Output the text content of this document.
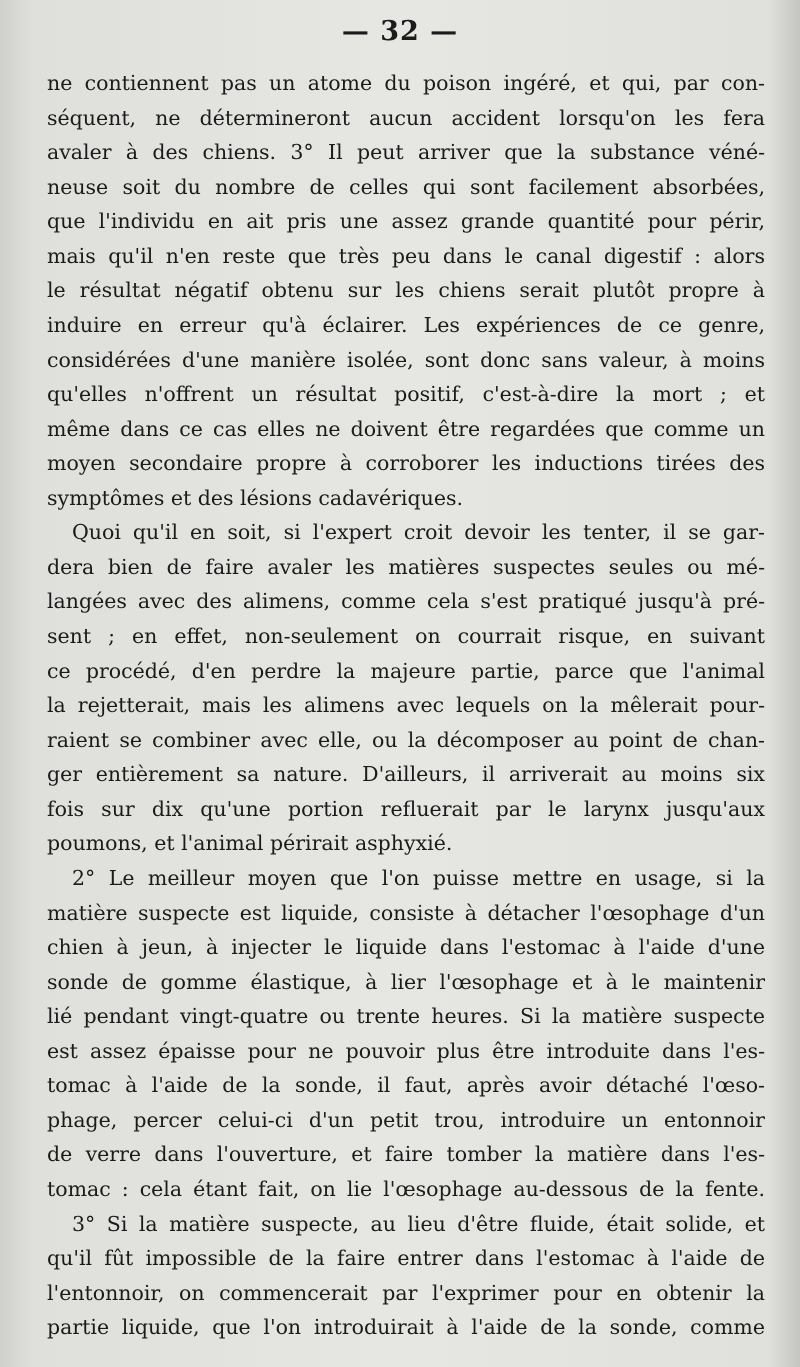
— 32 —
ne contiennent pas un atome du poison ingéré, et qui, par con-
séquent, ne détermineront aucun accident lorsqu'on les fera
avaler à des chiens. 3° Il peut arriver que la substance véné-
neuse soit du nombre de celles qui sont facilement absorbées,
que l'individu en ait pris une assez grande quantité pour périr,
mais qu'il n'en reste que très peu dans le canal digestif : alors
le résultat négatif obtenu sur les chiens serait plutôt propre à
induire en erreur qu'à éclairer. Les expériences de ce genre,
considérées d'une manière isolée, sont donc sans valeur, à moins
qu'elles n'offrent un résultat positif, c'est-à-dire la mort ; et
même dans ce cas elles ne doivent être regardées que comme un
moyen secondaire propre à corroborer les inductions tirées des
symptômes et des lésions cadavériques.
Quoi qu'il en soit, si l'expert croit devoir les tenter, il se gar-
dera bien de faire avaler les matières suspectes seules ou mé-
langées avec des alimens, comme cela s'est pratiqué jusqu'à pré-
sent ; en effet, non-seulement on courrait risque, en suivant
ce procédé, d'en perdre la majeure partie, parce que l'animal
la rejetterait, mais les alimens avec lequels on la mêlerait pour-
raient se combiner avec elle, ou la décomposer au point de chan-
ger entièrement sa nature. D'ailleurs, il arriverait au moins six
fois sur dix qu'une portion refluerait par le larynx jusqu'aux
poumons, et l'animal périrait asphyxié.
2° Le meilleur moyen que l'on puisse mettre en usage, si la
matière suspecte est liquide, consiste à détacher l'œsophage d'un
chien à jeun, à injecter le liquide dans l'estomac à l'aide d'une
sonde de gomme élastique, à lier l'œsophage et à le maintenir
lié pendant vingt-quatre ou trente heures. Si la matière suspecte
est assez épaisse pour ne pouvoir plus être introduite dans l'es-
tomac à l'aide de la sonde, il faut, après avoir détaché l'œso-
phage, percer celui-ci d'un petit trou, introduire un entonnoir
de verre dans l'ouverture, et faire tomber la matière dans l'es-
tomac : cela étant fait, on lie l'œsophage au-dessous de la fente.
3° Si la matière suspecte, au lieu d'être fluide, était solide, et
qu'il fût impossible de la faire entrer dans l'estomac à l'aide de
l'entonnoir, on commencerait par l'exprimer pour en obtenir la
partie liquide, que l'on introduirait à l'aide de la sonde, comme
